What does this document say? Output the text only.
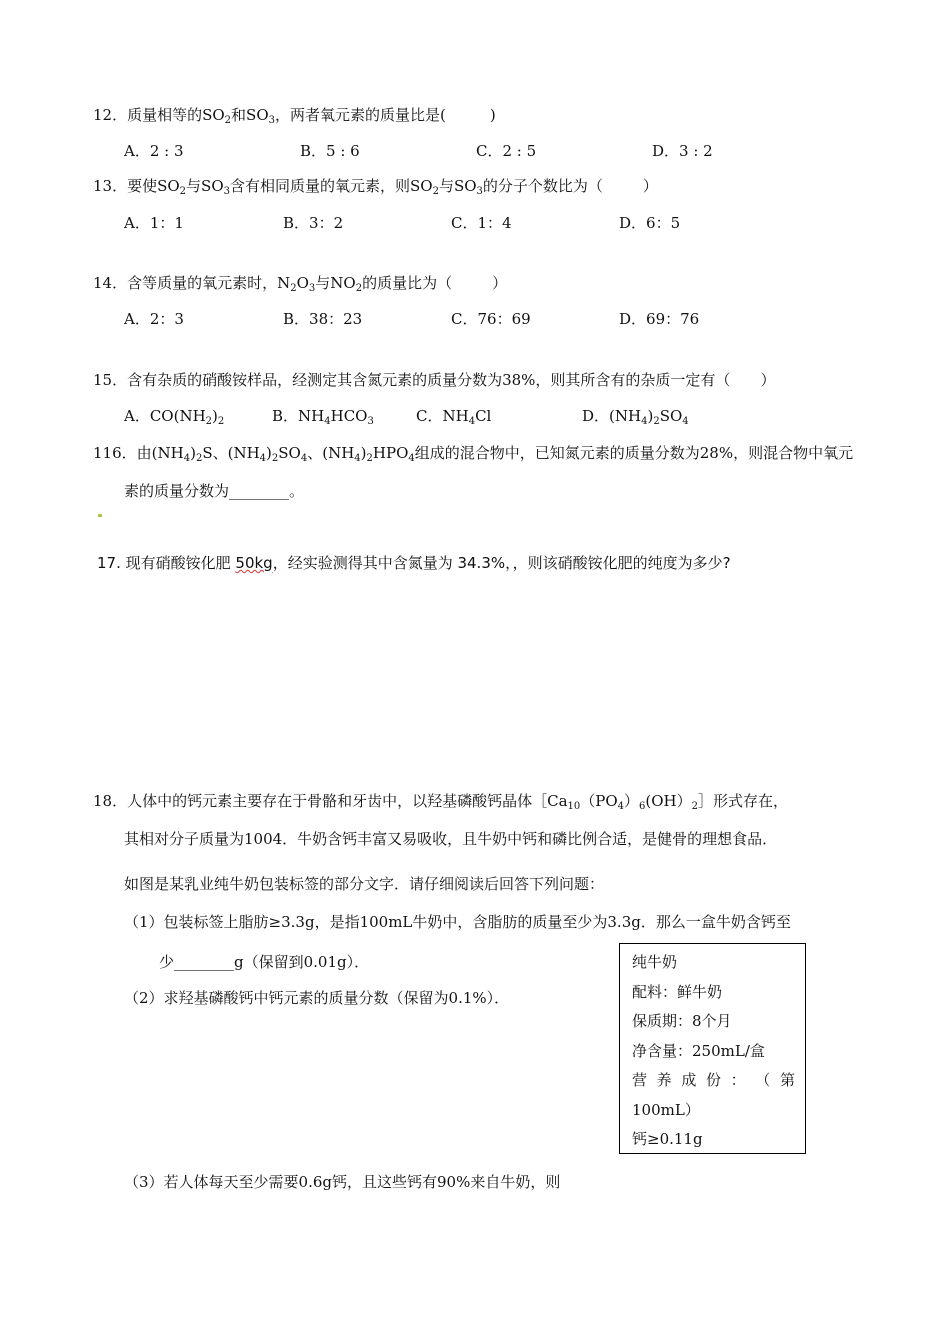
12．质量相等的$SO_2$和$SO_3$，两者氧元素的质量比是(	)
A．2 : 3	B．5 : 6	C．2 : 5	D．3 : 2
13．要使$SO_2$与$SO_3$含有相同质量的氧元素，则$SO_2$与$SO_3$的分子个数比为（	）
A．1：1	B．3：2	C．1：4	D．6：5
14．含等质量的氧元素时，$N_2O_3$与$NO_2$的质量比为（	）
A．2：3	B．38：23	C．76：69	D．69：76
15．含有杂质的硝酸铵样品，经测定其含氮元素的质量分数为38%，则其所含有的杂质一定有（ ）
A．$CO(NH_2)_2$	B．$NH_4HCO_3$	C．$NH_4Cl$	D．$(NH_4)_2SO_4$
116．由$(NH_4)_2S$、$(NH_4)_2SO_4$、$(NH_4)_2HPO_4$组成的混合物中，已知氮元素的质量分数为28%，则混合物中氧元
素的质量分数为________。
17. 现有硝酸铵化肥 50kg，经实验测得其中含氮量为 34.3%，，则该硝酸铵化肥的纯度为多少?
18．人体中的钙元素主要存在于骨骼和牙齿中，以羟基磷酸钙晶体$[Ca_{10}(PO_4)_6(OH)_2]$形式存在，
其相对分子质量为1004．牛奶含钙丰富又易吸收，且牛奶中钙和磷比例合适，是健骨的理想食品．
如图是某乳业纯牛奶包装标签的部分文字．请仔细阅读后回答下列问题：
（1）包装标签上脂肪≥3.3g，是指100mL牛奶中，含脂肪的质量至少为3.3g．那么一盒牛奶含钙至
少________g（保留到0.01g）．
（2）求羟基磷酸钙中钙元素的质量分数（保留为0.1%）．
（3）若人体每天至少需要0.6g钙，且这些钙有90%来自牛奶，则
纯牛奶
配料：鲜牛奶
保质期：8个月
净含量：250mL/盒
营 养 成 份 ： （ 第
100mL）
钙≥0.11g
